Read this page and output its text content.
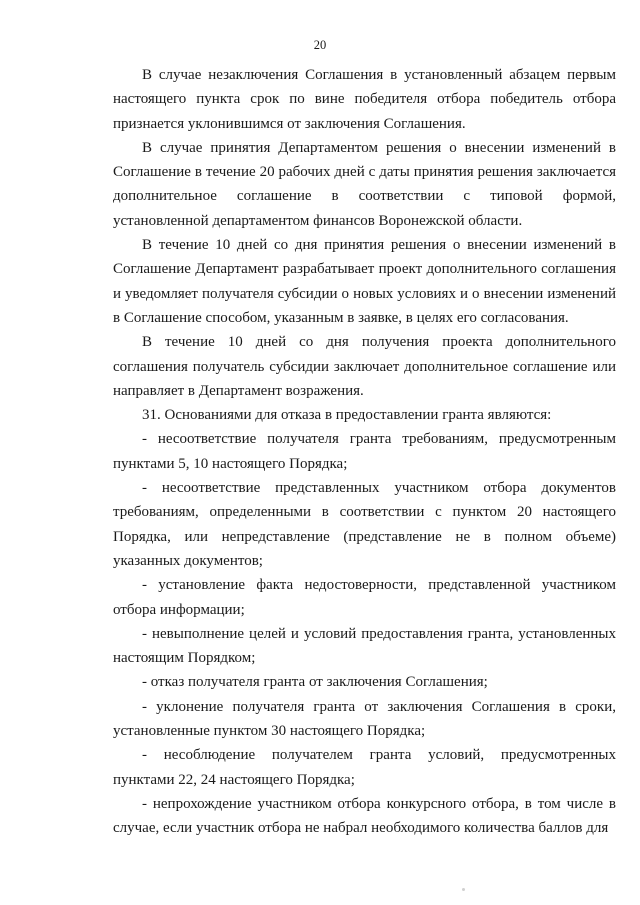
20

В случае незаключения Соглашения в установленный абзацем первым настоящего пункта срок по вине победителя отбора победитель отбора признается уклонившимся от заключения Соглашения.

В случае принятия Департаментом решения о внесении изменений в Соглашение в течение 20 рабочих дней с даты принятия решения заключается дополнительное соглашение в соответствии с типовой формой, установленной департаментом финансов Воронежской области.

В течение 10 дней со дня принятия решения о внесении изменений в Соглашение Департамент разрабатывает проект дополнительного соглашения и уведомляет получателя субсидии о новых условиях и о внесении изменений в Соглашение способом, указанным в заявке, в целях его согласования.

В течение 10 дней со дня получения проекта дополнительного соглашения получатель субсидии заключает дополнительное соглашение или направляет в Департамент возражения.

31. Основаниями для отказа в предоставлении гранта являются:

- несоответствие получателя гранта требованиям, предусмотренным пунктами 5, 10 настоящего Порядка;

- несоответствие представленных участником отбора документов требованиям, определенными в соответствии с пунктом 20 настоящего Порядка, или непредставление (представление не в полном объеме) указанных документов;

- установление факта недостоверности, представленной участником отбора информации;

- невыполнение целей и условий предоставления гранта, установленных настоящим Порядком;

- отказ получателя гранта от заключения Соглашения;

- уклонение получателя гранта от заключения Соглашения в сроки, установленные пунктом 30 настоящего Порядка;

- несоблюдение получателем гранта условий, предусмотренных пунктами 22, 24 настоящего Порядка;

- непрохождение участником отбора конкурсного отбора, в том числе в случае, если участник отбора не набрал необходимого количества баллов для
